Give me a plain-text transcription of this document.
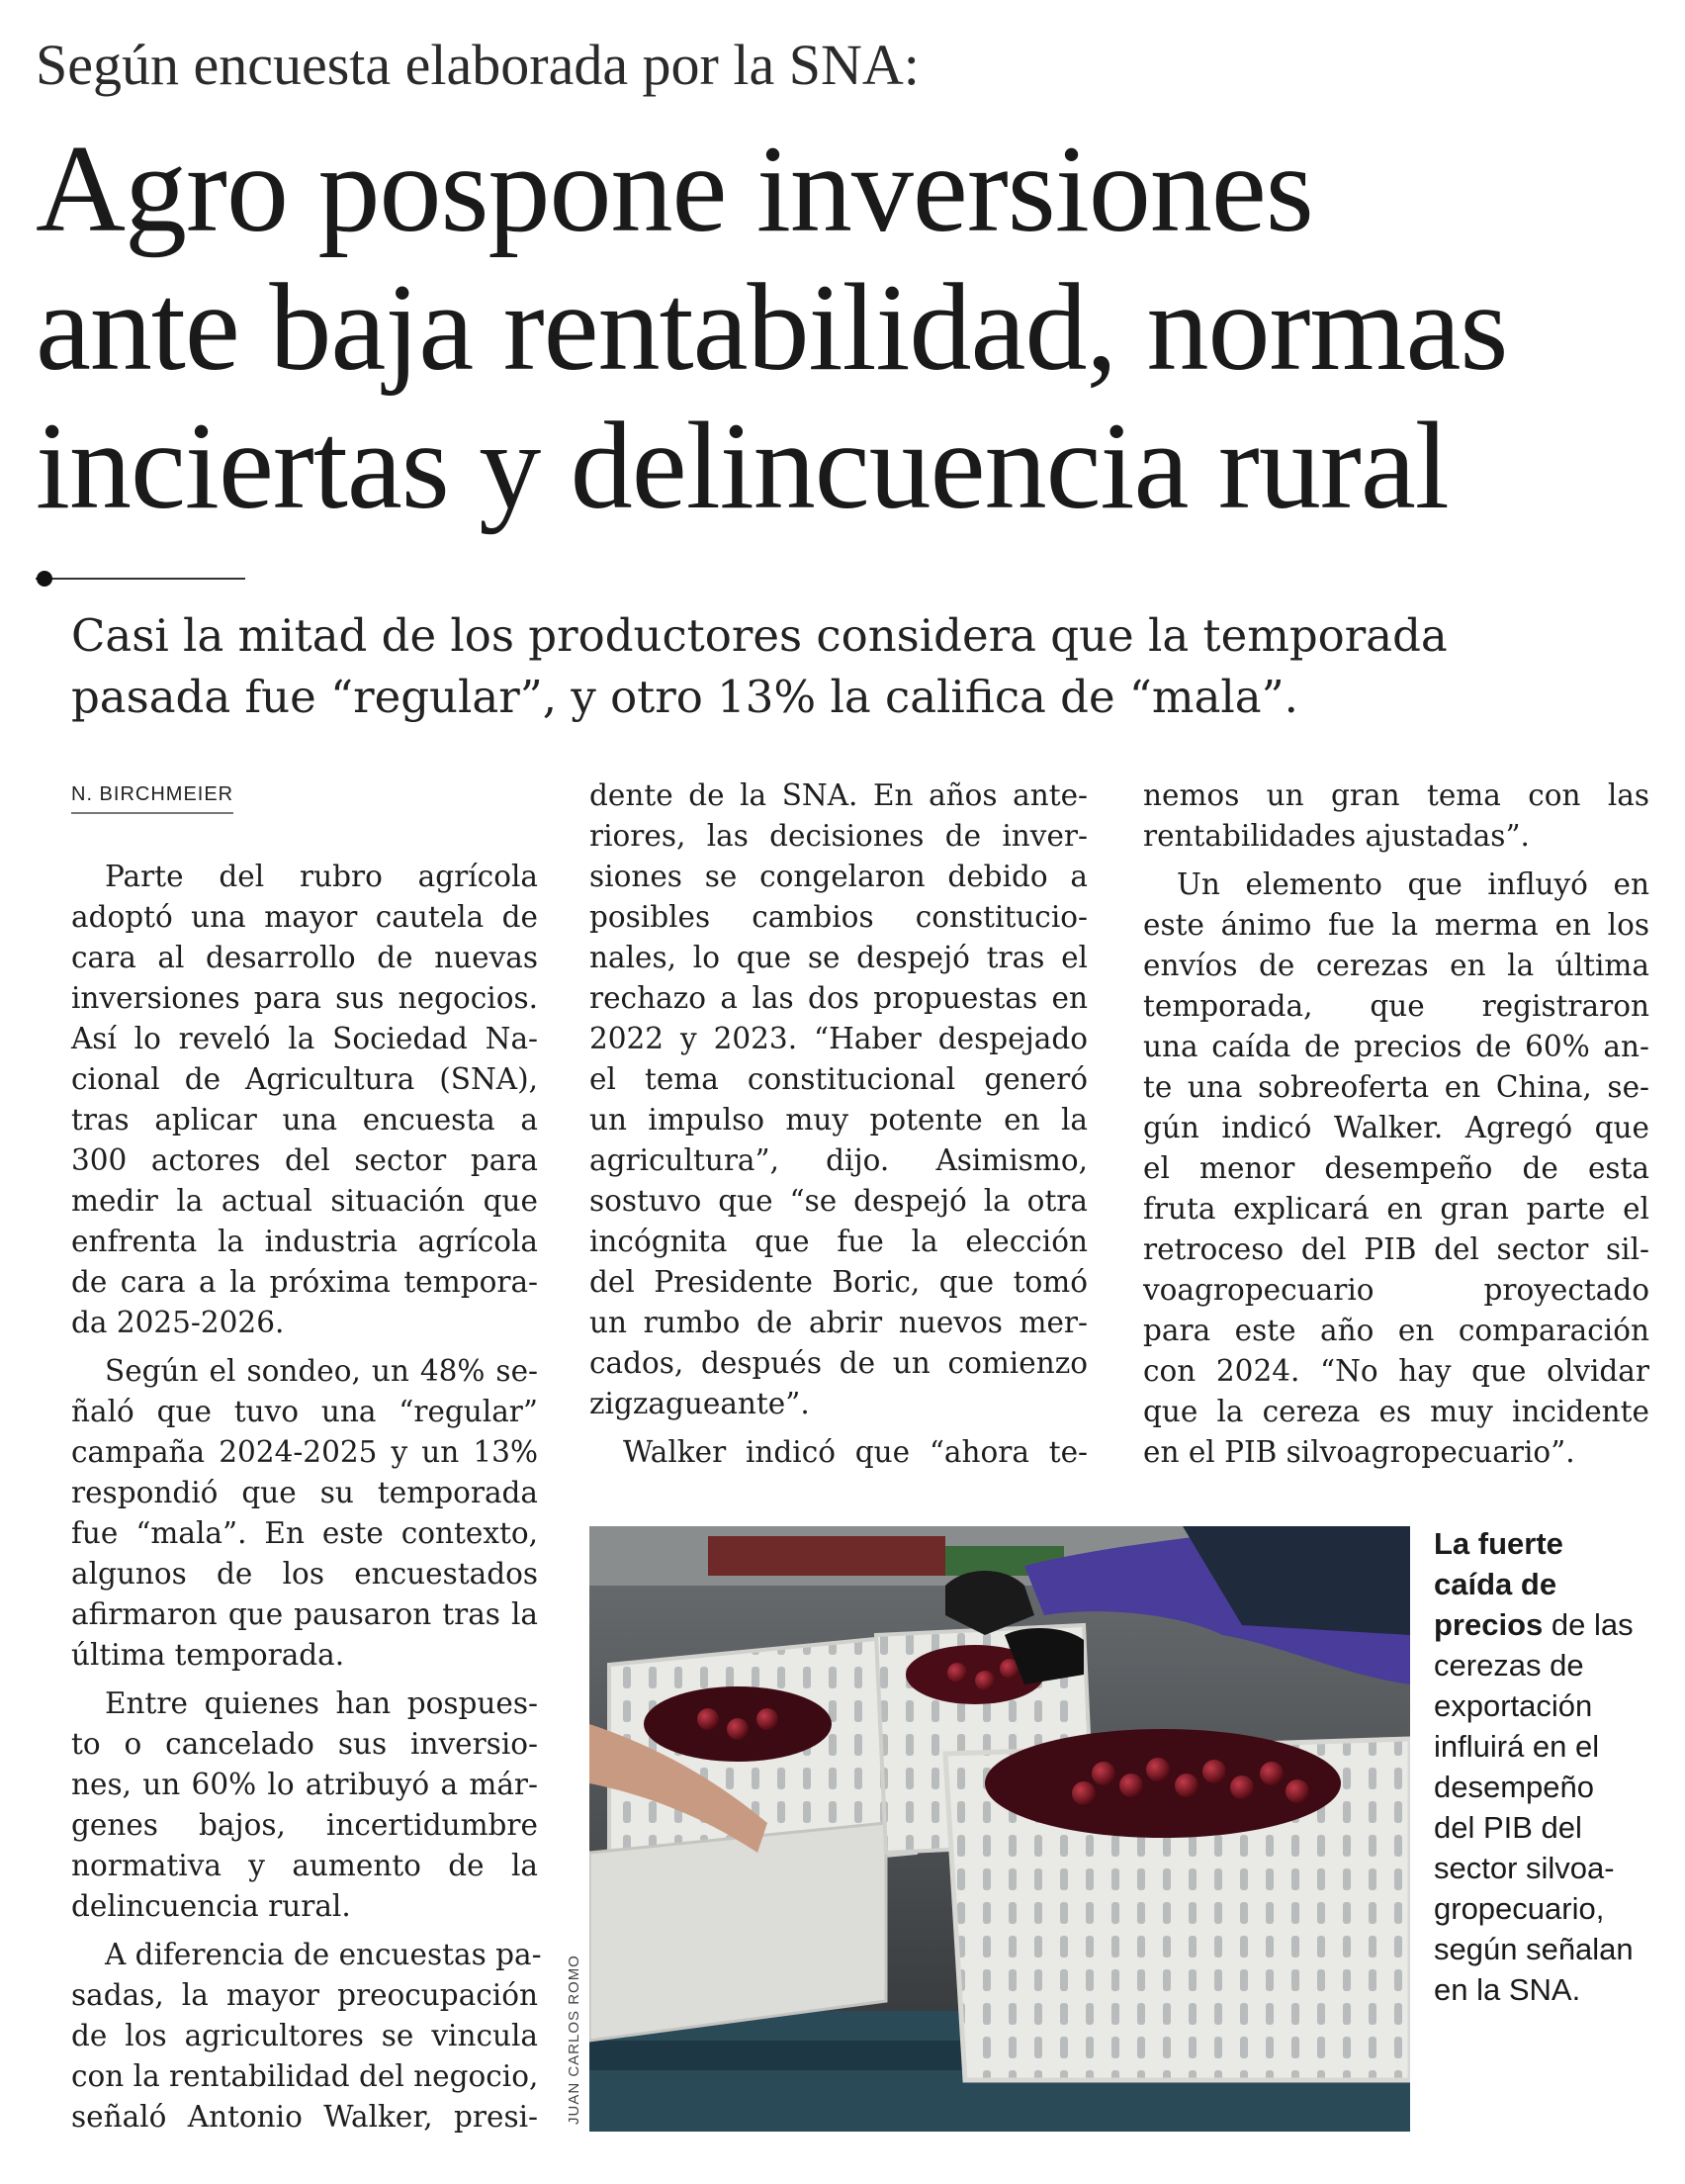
Según encuesta elaborada por la SNA:
Agro pospone inversiones
ante baja rentabilidad, normas
inciertas y delincuencia rural
Casi la mitad de los productores considera que la temporada
pasada fue “regular”, y otro 13% la califica de “mala”.
N. BIRCHMEIER
Parte del rubro agrícola
adoptó una mayor cautela de
cara al desarrollo de nuevas
inversiones para sus negocios.
Así lo reveló la Sociedad Na-
cional de Agricultura (SNA),
tras aplicar una encuesta a
300 actores del sector para
medir la actual situación que
enfrenta la industria agrícola
de cara a la próxima tempora-
da 2025-2026.
Según el sondeo, un 48% se-
ñaló que tuvo una “regular”
campaña 2024-2025 y un 13%
respondió que su temporada
fue “mala”. En este contexto,
algunos de los encuestados
afirmaron que pausaron tras la
última temporada.
Entre quienes han pospues-
to o cancelado sus inversio-
nes, un 60% lo atribuyó a már-
genes bajos, incertidumbre
normativa y aumento de la
delincuencia rural.
A diferencia de encuestas pa-
sadas, la mayor preocupación
de los agricultores se vincula
con la rentabilidad del negocio,
señaló Antonio Walker, presi-
dente de la SNA. En años ante-
riores, las decisiones de inver-
siones se congelaron debido a
posibles cambios constitucio-
nales, lo que se despejó tras el
rechazo a las dos propuestas en
2022 y 2023. “Haber despejado
el tema constitucional generó
un impulso muy potente en la
agricultura”, dijo. Asimismo,
sostuvo que “se despejó la otra
incógnita que fue la elección
del Presidente Boric, que tomó
un rumbo de abrir nuevos mer-
cados, después de un comienzo
zigzagueante”.
Walker indicó que “ahora te-
nemos un gran tema con las
rentabilidades ajustadas”.
Un elemento que influyó en
este ánimo fue la merma en los
envíos de cerezas en la última
temporada, que registraron
una caída de precios de 60% an-
te una sobreoferta en China, se-
gún indicó Walker. Agregó que
el menor desempeño de esta
fruta explicará en gran parte el
retroceso del PIB del sector sil-
voagropecuario proyectado
para este año en comparación
con 2024. “No hay que olvidar
que la cereza es muy incidente
en el PIB silvoagropecuario”.
JUAN CARLOS ROMO
La fuerte
caída de
precios de las
cerezas de
exportación
influirá en el
desempeño
del PIB del
sector silvoa-
gropecuario,
según señalan
en la SNA.
